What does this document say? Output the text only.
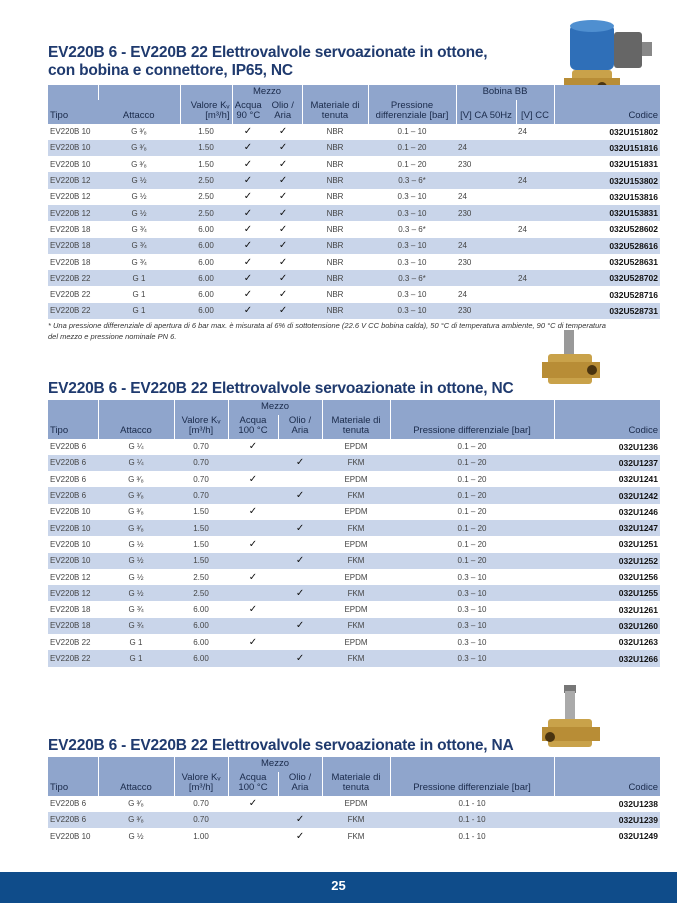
EV220B 6 - EV220B 22 Elettrovalvole servoazionate in ottone,
con bobina e connettore, IP65, NC
			Mezzo				Bobina BB		
Tipo	Attacco	Valore Kᵥ [m³/h]	Acqua 90 °C	Olio / Aria	Materiale di tenuta	Pressione differenziale [bar]	[V] CA 50Hz	[V] CC	Codice
EV220B 10	G ³⁄₈	1.50	✓	✓	NBR	0.1 – 10		24	032U151802
EV220B 10	G ³⁄₈	1.50	✓	✓	NBR	0.1 – 20	24		032U151816
EV220B 10	G ³⁄₈	1.50	✓	✓	NBR	0.1 – 20	230		032U151831
EV220B 12	G ½	2.50	✓	✓	NBR	0.3 – 6*		24	032U153802
EV220B 12	G ½	2.50	✓	✓	NBR	0.3 – 10	24		032U153816
EV220B 12	G ½	2.50	✓	✓	NBR	0.3 – 10	230		032U153831
EV220B 18	G ¾	6.00	✓	✓	NBR	0.3 – 6*		24	032U528602
EV220B 18	G ¾	6.00	✓	✓	NBR	0.3 – 10	24		032U528616
EV220B 18	G ¾	6.00	✓	✓	NBR	0.3 – 10	230		032U528631
EV220B 22	G 1	6.00	✓	✓	NBR	0.3 – 6*		24	032U528702
EV220B 22	G 1	6.00	✓	✓	NBR	0.3 – 10	24		032U528716
EV220B 22	G 1	6.00	✓	✓	NBR	0.3 – 10	230		032U528731
* Una pressione differenziale di apertura di 6 bar max. è misurata al 6% di sottotensione (22.6 V CC bobina calda), 50 °C di temperatura ambiente, 90 °C di temperatura del mezzo e pressione nominale PN 6.
EV220B 6 - EV220B 22 Elettrovalvole servoazionate in ottone, NC
			Mezzo				
Tipo	Attacco	Valore Kᵥ [m³/h]	Acqua 100 °C	Olio / Aria	Materiale di tenuta	Pressione differenziale [bar]	Codice
EV220B 6	G ¼	0.70	✓		EPDM	0.1 – 20	032U1236
EV220B 6	G ¼	0.70		✓	FKM	0.1 – 20	032U1237
EV220B 6	G ³⁄₈	0.70	✓		EPDM	0.1 – 20	032U1241
EV220B 6	G ³⁄₈	0.70		✓	FKM	0.1 – 20	032U1242
EV220B 10	G ³⁄₈	1.50	✓		EPDM	0.1 – 20	032U1246
EV220B 10	G ³⁄₈	1.50		✓	FKM	0.1 – 20	032U1247
EV220B 10	G ½	1.50	✓		EPDM	0.1 – 20	032U1251
EV220B 10	G ½	1.50		✓	FKM	0.1 – 20	032U1252
EV220B 12	G ½	2.50	✓		EPDM	0.3 – 10	032U1256
EV220B 12	G ½	2.50		✓	FKM	0.3 – 10	032U1255
EV220B 18	G ¾	6.00	✓		EPDM	0.3 – 10	032U1261
EV220B 18	G ¾	6.00		✓	FKM	0.3 – 10	032U1260
EV220B 22	G 1	6.00	✓		EPDM	0.3 – 10	032U1263
EV220B 22	G 1	6.00		✓	FKM	0.3 – 10	032U1266
EV220B 6 - EV220B 22 Elettrovalvole servoazionate in ottone, NA
			Mezzo				
Tipo	Attacco	Valore Kᵥ [m³/h]	Acqua 100 °C	Olio / Aria	Materiale di tenuta	Pressione differenziale [bar]	Codice
EV220B 6	G ³⁄₈	0.70	✓		EPDM	0.1 - 10	032U1238
EV220B 6	G ³⁄₈	0.70		✓	FKM	0.1 - 10	032U1239
EV220B 10	G ½	1.00		✓	FKM	0.1 - 10	032U1249
25
